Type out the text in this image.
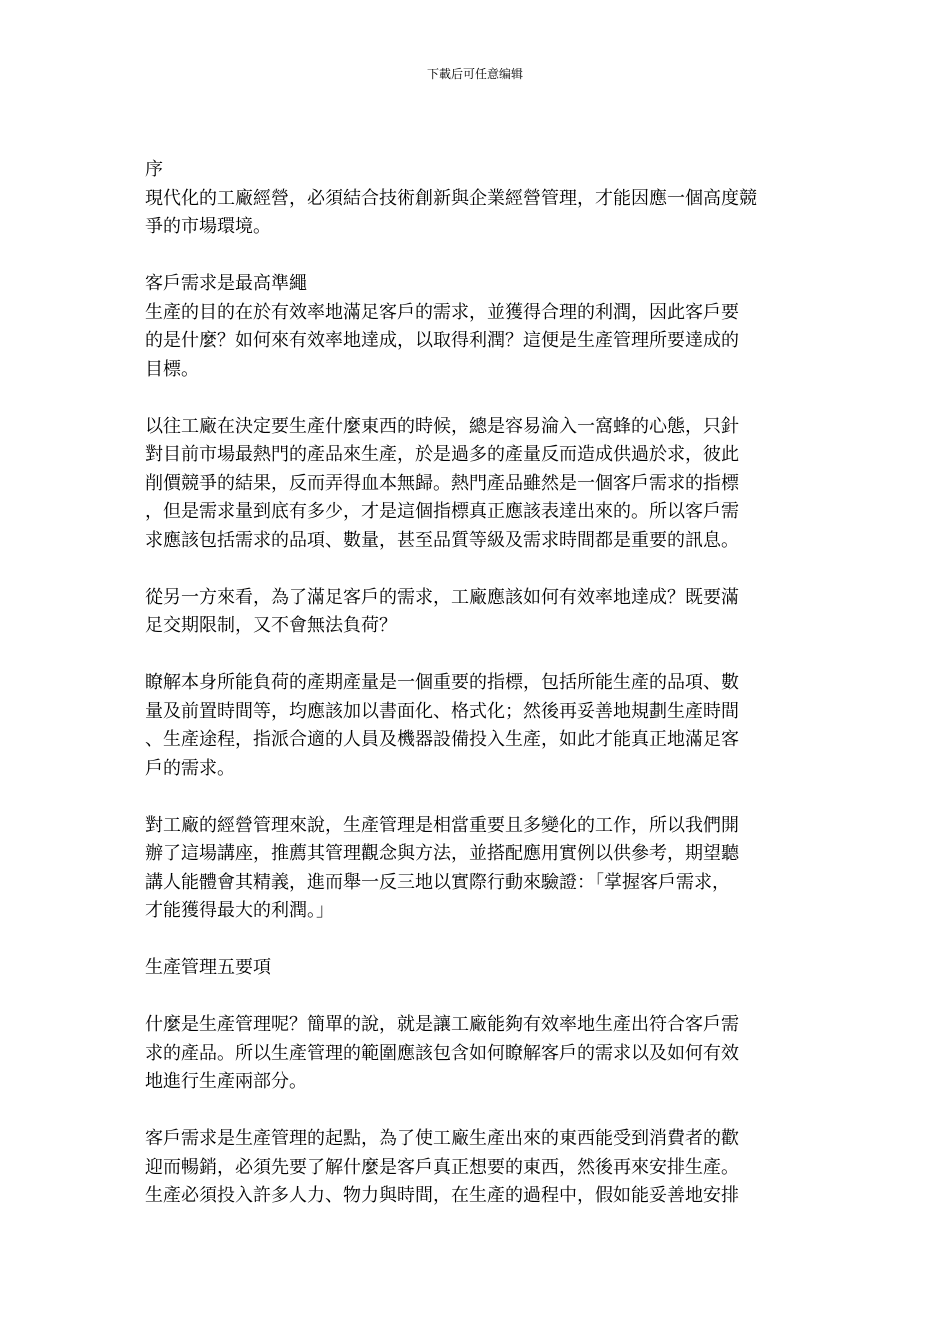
下載后可任意编辑
序
現代化的工廠經營，必須結合技術創新與企業經營管理，才能因應一個高度競
爭的市場環境。
客戶需求是最高準繩
生產的目的在於有效率地滿足客戶的需求，並獲得合理的利潤，因此客戶要
的是什麼？如何來有效率地達成，以取得利潤？這便是生產管理所要達成的
目標。
以往工廠在決定要生產什麼東西的時候，總是容易淪入一窩蜂的心態，只針
對目前市場最熱門的產品來生產，於是過多的產量反而造成供過於求，彼此
削價競爭的結果，反而弄得血本無歸。熱門產品雖然是一個客戶需求的指標
，但是需求量到底有多少，才是這個指標真正應該表達出來的。所以客戶需
求應該包括需求的品項、數量，甚至品質等級及需求時間都是重要的訊息。
從另一方來看，為了滿足客戶的需求，工廠應該如何有效率地達成？既要滿
足交期限制，又不會無法負荷？
瞭解本身所能負荷的產期產量是一個重要的指標，包括所能生產的品項、數
量及前置時間等，均應該加以書面化、格式化；然後再妥善地規劃生產時間
、生產途程，指派合適的人員及機器設備投入生產，如此才能真正地滿足客
戶的需求。
對工廠的經營管理來說，生產管理是相當重要且多變化的工作，所以我們開
辦了這場講座，推薦其管理觀念與方法，並搭配應用實例以供參考，期望聽
講人能體會其精義，進而舉一反三地以實際行動來驗證：「掌握客戶需求，
才能獲得最大的利潤。」
生產管理五要項
什麼是生產管理呢？簡單的說，就是讓工廠能夠有效率地生產出符合客戶需
求的產品。所以生產管理的範圍應該包含如何瞭解客戶的需求以及如何有效
地進行生產兩部分。
客戶需求是生產管理的起點，為了使工廠生產出來的東西能受到消費者的歡
迎而暢銷，必須先要了解什麼是客戶真正想要的東西，然後再來安排生產。
生產必須投入許多人力、物力與時間，在生產的過程中，假如能妥善地安排
